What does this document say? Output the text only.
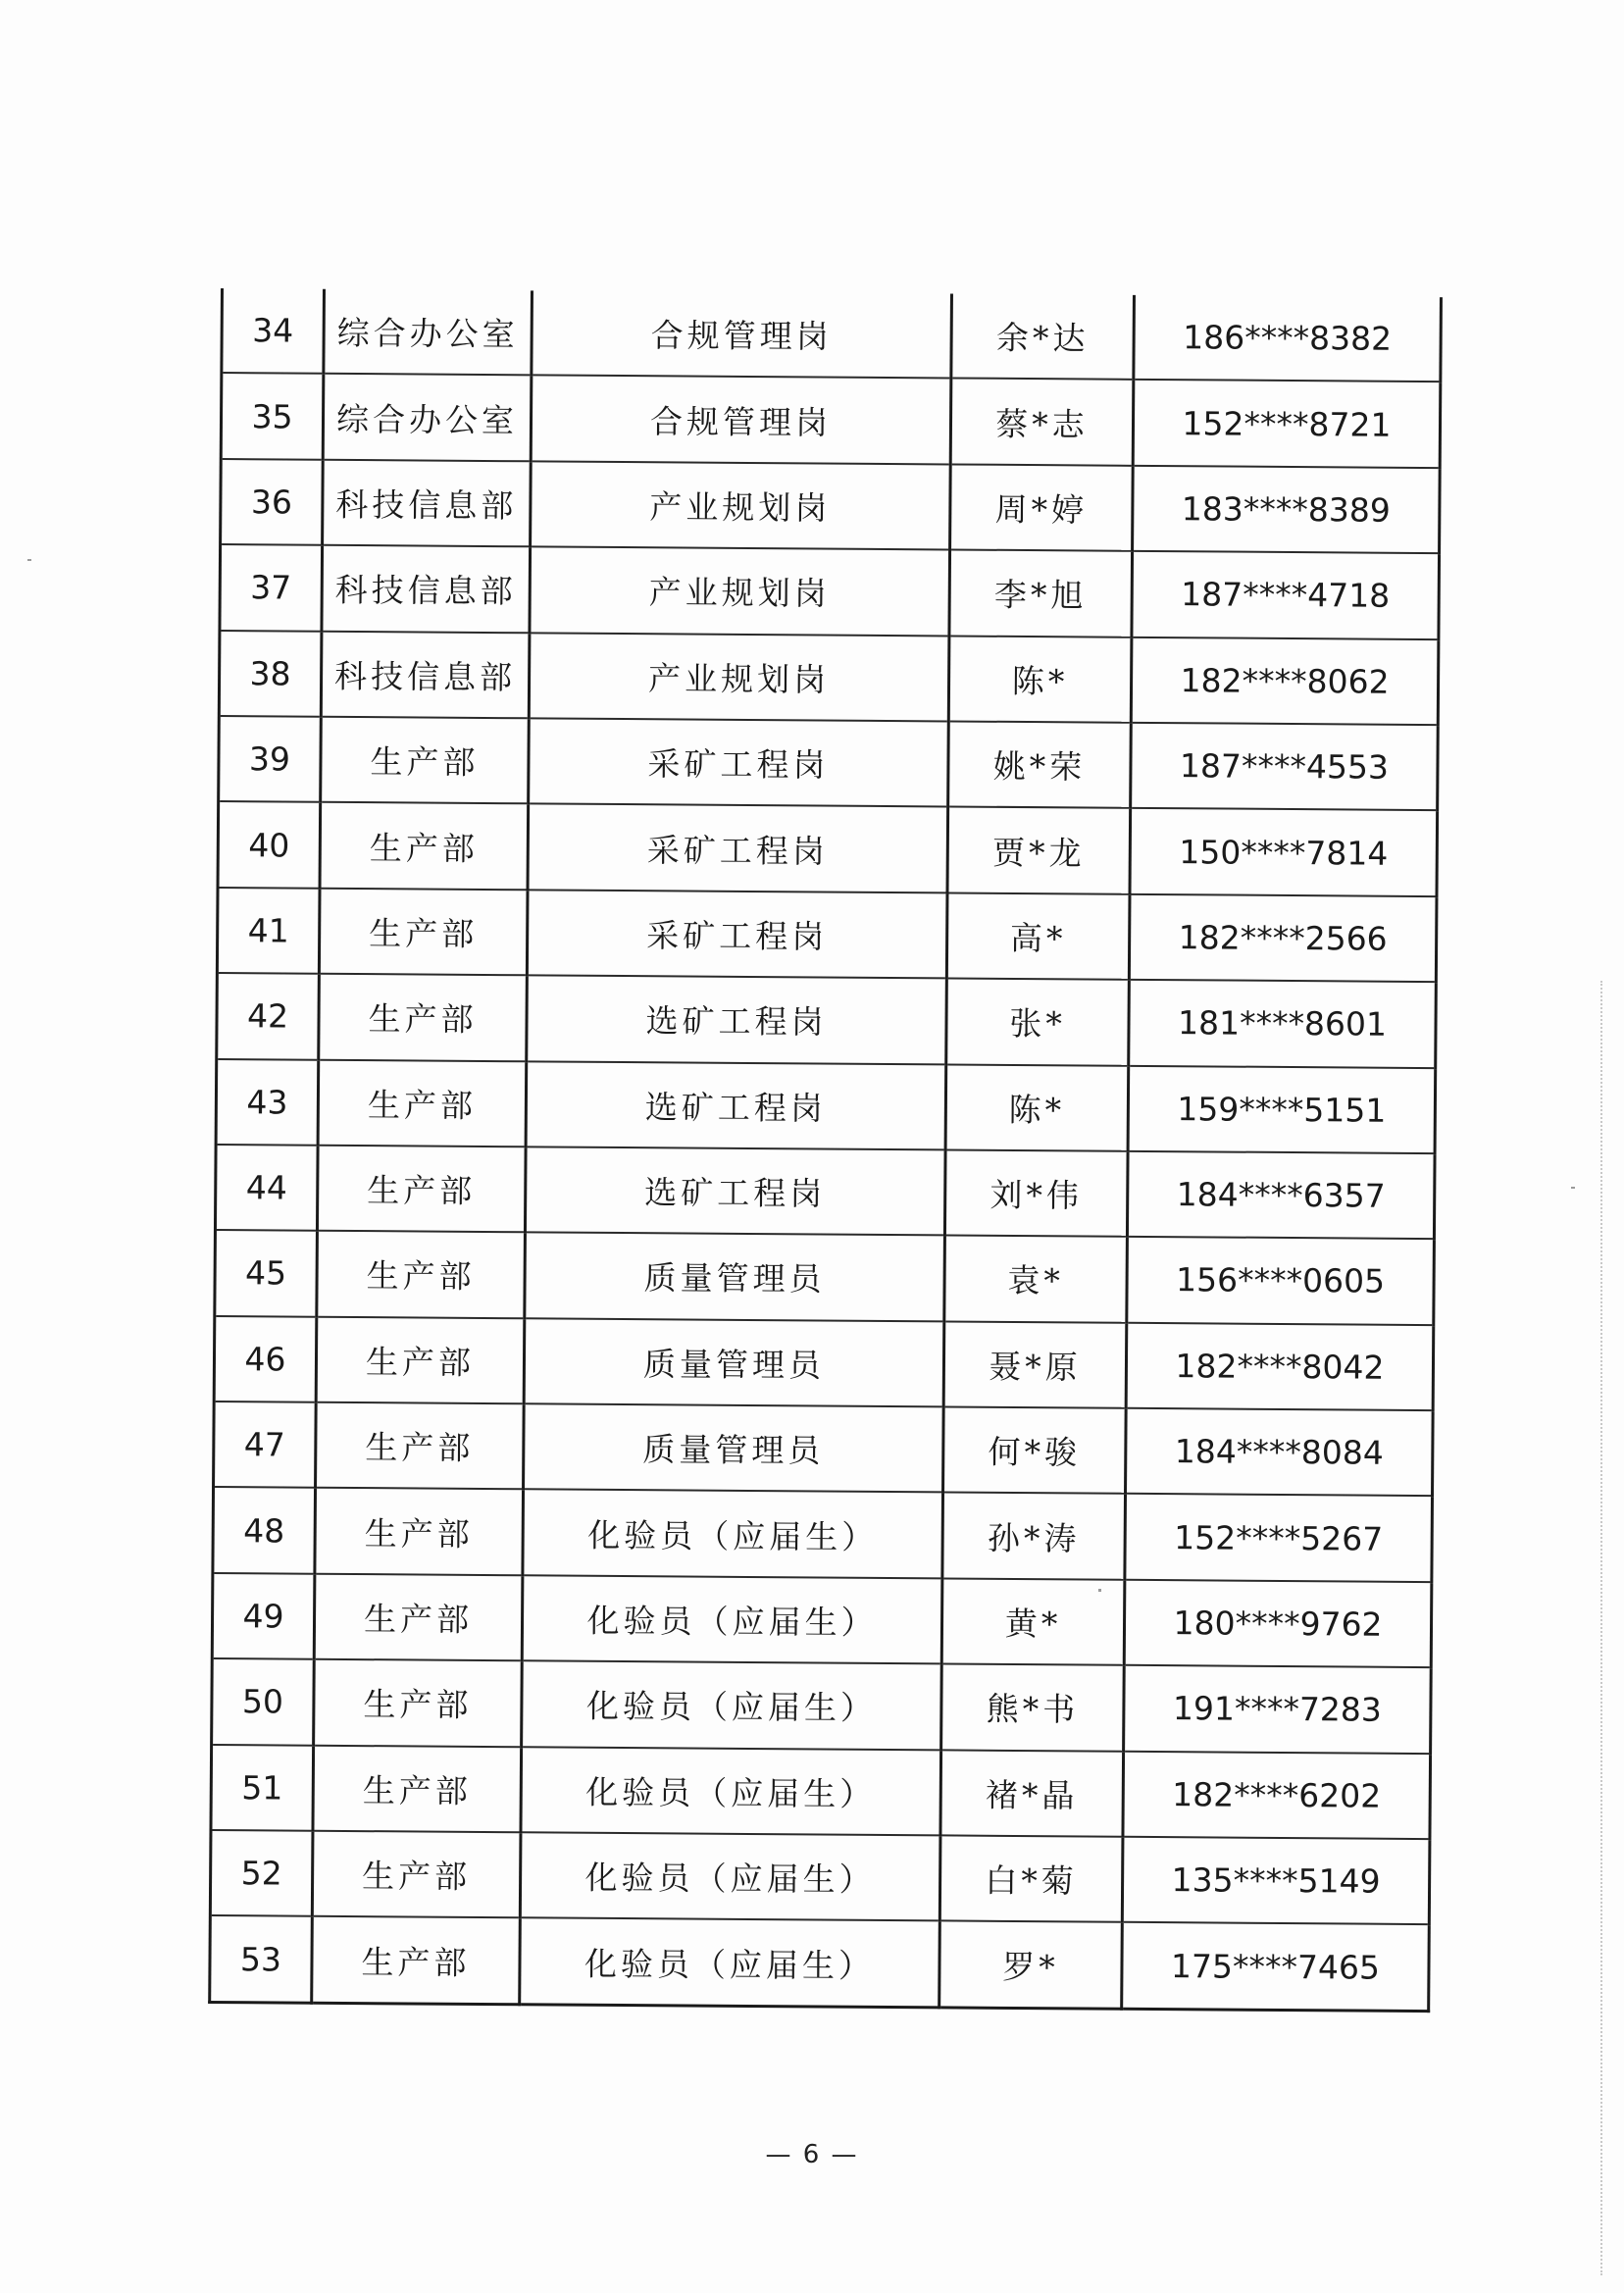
34	综合办公室	合规管理岗	余*达	186****8382
35	综合办公室	合规管理岗	蔡*志	152****8721
36	科技信息部	产业规划岗	周*婷	183****8389
37	科技信息部	产业规划岗	李*旭	187****4718
38	科技信息部	产业规划岗	陈*	182****8062
39	生产部	采矿工程岗	姚*荣	187****4553
40	生产部	采矿工程岗	贾*龙	150****7814
41	生产部	采矿工程岗	高*	182****2566
42	生产部	选矿工程岗	张*	181****8601
43	生产部	选矿工程岗	陈*	159****5151
44	生产部	选矿工程岗	刘*伟	184****6357
45	生产部	质量管理员	袁*	156****0605
46	生产部	质量管理员	聂*原	182****8042
47	生产部	质量管理员	何*骏	184****8084
48	生产部	化验员（应届生）	孙*涛	152****5267
49	生产部	化验员（应届生）	黄*	180****9762
50	生产部	化验员（应届生）	熊*书	191****7283
51	生产部	化验员（应届生）	褚*晶	182****6202
52	生产部	化验员（应届生）	白*菊	135****5149
53	生产部	化验员（应届生）	罗*	175****7465
— 6 —
